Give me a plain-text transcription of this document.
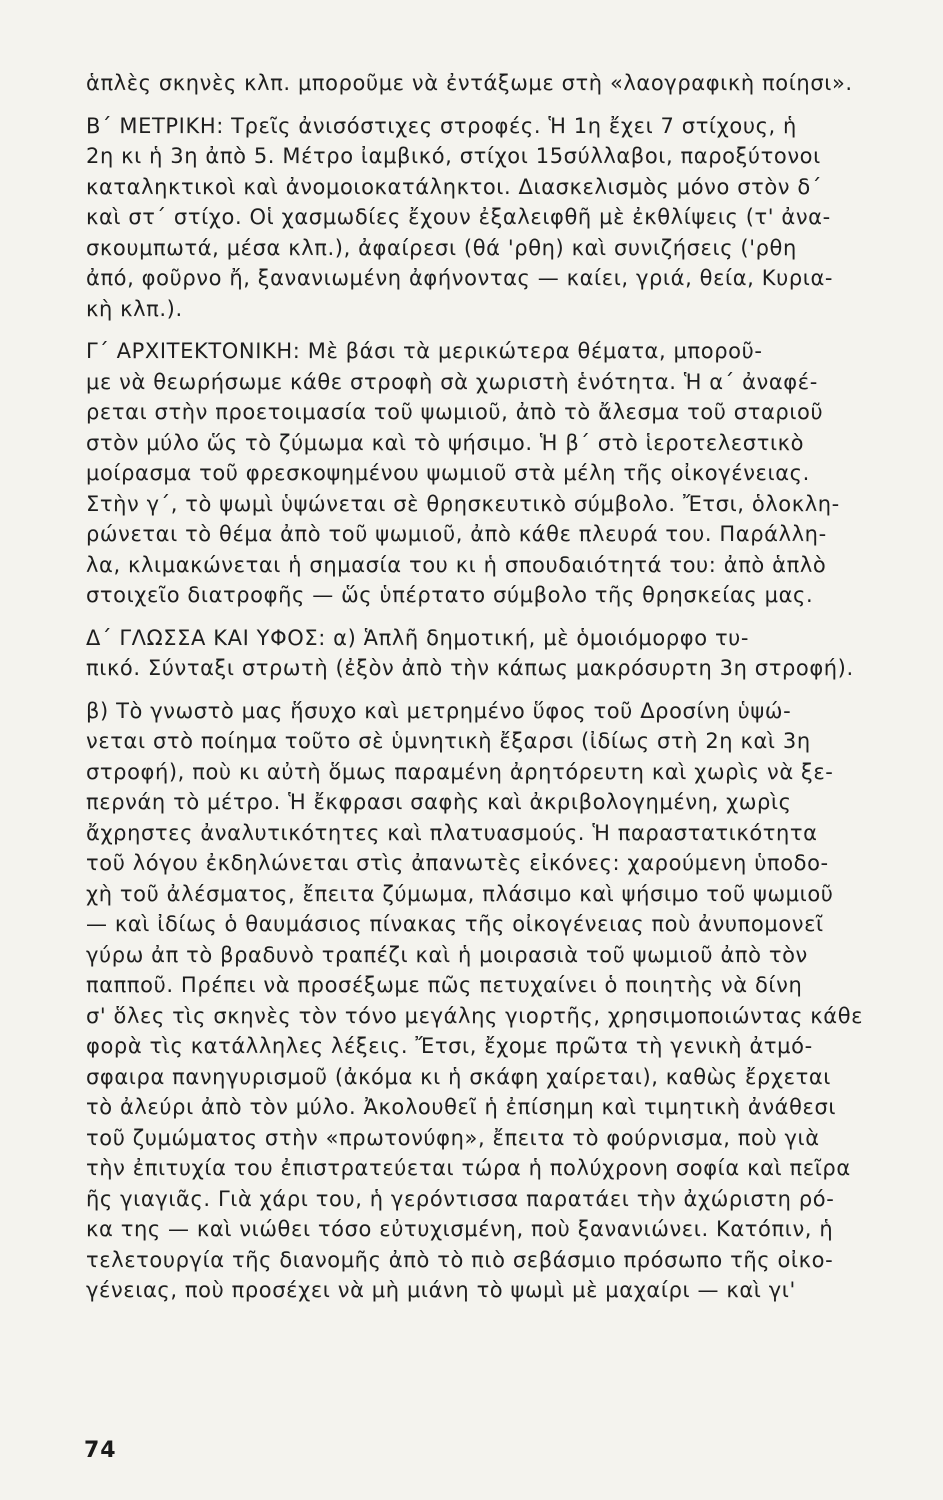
ἁπλὲς σκηνὲς κλπ. μποροῦμε νὰ ἐντάξωμε στὴ «λαογραφικὴ ποίησι».
Β΄ ΜΕΤΡΙΚΗ: Τρεῖς ἀνισόστιχες στροφές. Ἡ 1η ἔχει 7 στίχους, ἡ
2η κι ἡ 3η ἀπὸ 5. Μέτρο ἰαμβικό, στίχοι 15σύλλαβοι, παροξύτονοι
καταληκτικοὶ καὶ ἀνομοιοκατάληκτοι. Διασκελισμὸς μόνο στὸν δ΄
καὶ στ΄ στίχο. Οἱ χασμωδίες ἔχουν ἐξαλειφθῆ μὲ ἐκθλίψεις (τ' ἀνα-
σκουμπωτά, μέσα κλπ.), ἀφαίρεσι (θά 'ρθη) καὶ συνιζήσεις ('ρθη
ἀπό, φοῦρνο ἤ, ξανανιωμένη ἀφήνοντας — καίει, γριά, θεία, Κυρια-
κὴ κλπ.).
Γ΄ ΑΡΧΙΤΕΚΤΟΝΙΚΗ: Μὲ βάσι τὰ μερικώτερα θέματα, μποροῦ-
με νὰ θεωρήσωμε κάθε στροφὴ σὰ χωριστὴ ἑνότητα. Ἡ α΄ ἀναφέ-
ρεται στὴν προετοιμασία τοῦ ψωμιοῦ, ἀπὸ τὸ ἄλεσμα τοῦ σταριοῦ
στὸν μύλο ὥς τὸ ζύμωμα καὶ τὸ ψήσιμο. Ἡ β΄ στὸ ἱεροτελεστικὸ
μοίρασμα τοῦ φρεσκοψημένου ψωμιοῦ στὰ μέλη τῆς οἰκογένειας.
Στὴν γ΄, τὸ ψωμὶ ὑψώνεται σὲ θρησκευτικὸ σύμβολο. Ἔτσι, ὁλοκλη-
ρώνεται τὸ θέμα ἀπὸ τοῦ ψωμιοῦ, ἀπὸ κάθε πλευρά του. Παράλλη-
λα, κλιμακώνεται ἡ σημασία του κι ἡ σπουδαιότητά του: ἀπὸ ἁπλὸ
στοιχεῖο διατροφῆς — ὥς ὑπέρτατο σύμβολο τῆς θρησκείας μας.
Δ΄ ΓΛΩΣΣΑ ΚΑΙ ΥΦΟΣ: α) Ἁπλῆ δημοτική, μὲ ὁμοιόμορφο τυ-
πικό. Σύνταξι στρωτὴ (ἐξὸν ἀπὸ τὴν κάπως μακρόσυρτη 3η στροφή).
β) Τὸ γνωστὸ μας ἥσυχο καὶ μετρημένο ὕφος τοῦ Δροσίνη ὑψώ-
νεται στὸ ποίημα τοῦτο σὲ ὑμνητικὴ ἔξαρσι (ἰδίως στὴ 2η καὶ 3η
στροφή), ποὺ κι αὐτὴ ὅμως παραμένη ἀρητόρευτη καὶ χωρὶς νὰ ξε-
περνάη τὸ μέτρο. Ἡ ἔκφρασι σαφὴς καὶ ἀκριβολογημένη, χωρὶς
ἄχρηστες ἀναλυτικότητες καὶ πλατυασμούς. Ἡ παραστατικότητα
τοῦ λόγου ἐκδηλώνεται στὶς ἀπανωτὲς εἰκόνες: χαρούμενη ὑποδο-
χὴ τοῦ ἀλέσματος, ἔπειτα ζύμωμα, πλάσιμο καὶ ψήσιμο τοῦ ψωμιοῦ
— καὶ ἰδίως ὁ θαυμάσιος πίνακας τῆς οἰκογένειας ποὺ ἀνυπομονεῖ
γύρω ἀπ τὸ βραδυνὸ τραπέζι καὶ ἡ μοιρασιὰ τοῦ ψωμιοῦ ἀπὸ τὸν
παπποῦ. Πρέπει νὰ προσέξωμε πῶς πετυχαίνει ὁ ποιητὴς νὰ δίνη
σ' ὅλες τὶς σκηνὲς τὸν τόνο μεγάλης γιορτῆς, χρησιμοποιώντας κάθε
φορὰ τὶς κατάλληλες λέξεις. Ἔτσι, ἔχομε πρῶτα τὴ γενικὴ ἀτμό-
σφαιρα πανηγυρισμοῦ (ἀκόμα κι ἡ σκάφη χαίρεται), καθὼς ἔρχεται
τὸ ἀλεύρι ἀπὸ τὸν μύλο. Ἀκολουθεῖ ἡ ἐπίσημη καὶ τιμητικὴ ἀνάθεσι
τοῦ ζυμώματος στὴν «πρωτονύφη», ἔπειτα τὸ φούρνισμα, ποὺ γιὰ
τὴν ἐπιτυχία του ἐπιστρατεύεται τώρα ἡ πολύχρονη σοφία καὶ πεῖρα
ῆς γιαγιᾶς. Γιὰ χάρι του, ἡ γερόντισσα παρατάει τὴν ἀχώριστη ρό-
κα της — καὶ νιώθει τόσο εὐτυχισμένη, ποὺ ξανανιώνει. Κατόπιν, ἡ
τελετουργία τῆς διανομῆς ἀπὸ τὸ πιὸ σεβάσμιο πρόσωπο τῆς οἰκο-
γένειας, ποὺ προσέχει νὰ μὴ μιάνη τὸ ψωμὶ μὲ μαχαίρι — καὶ γι'
74
